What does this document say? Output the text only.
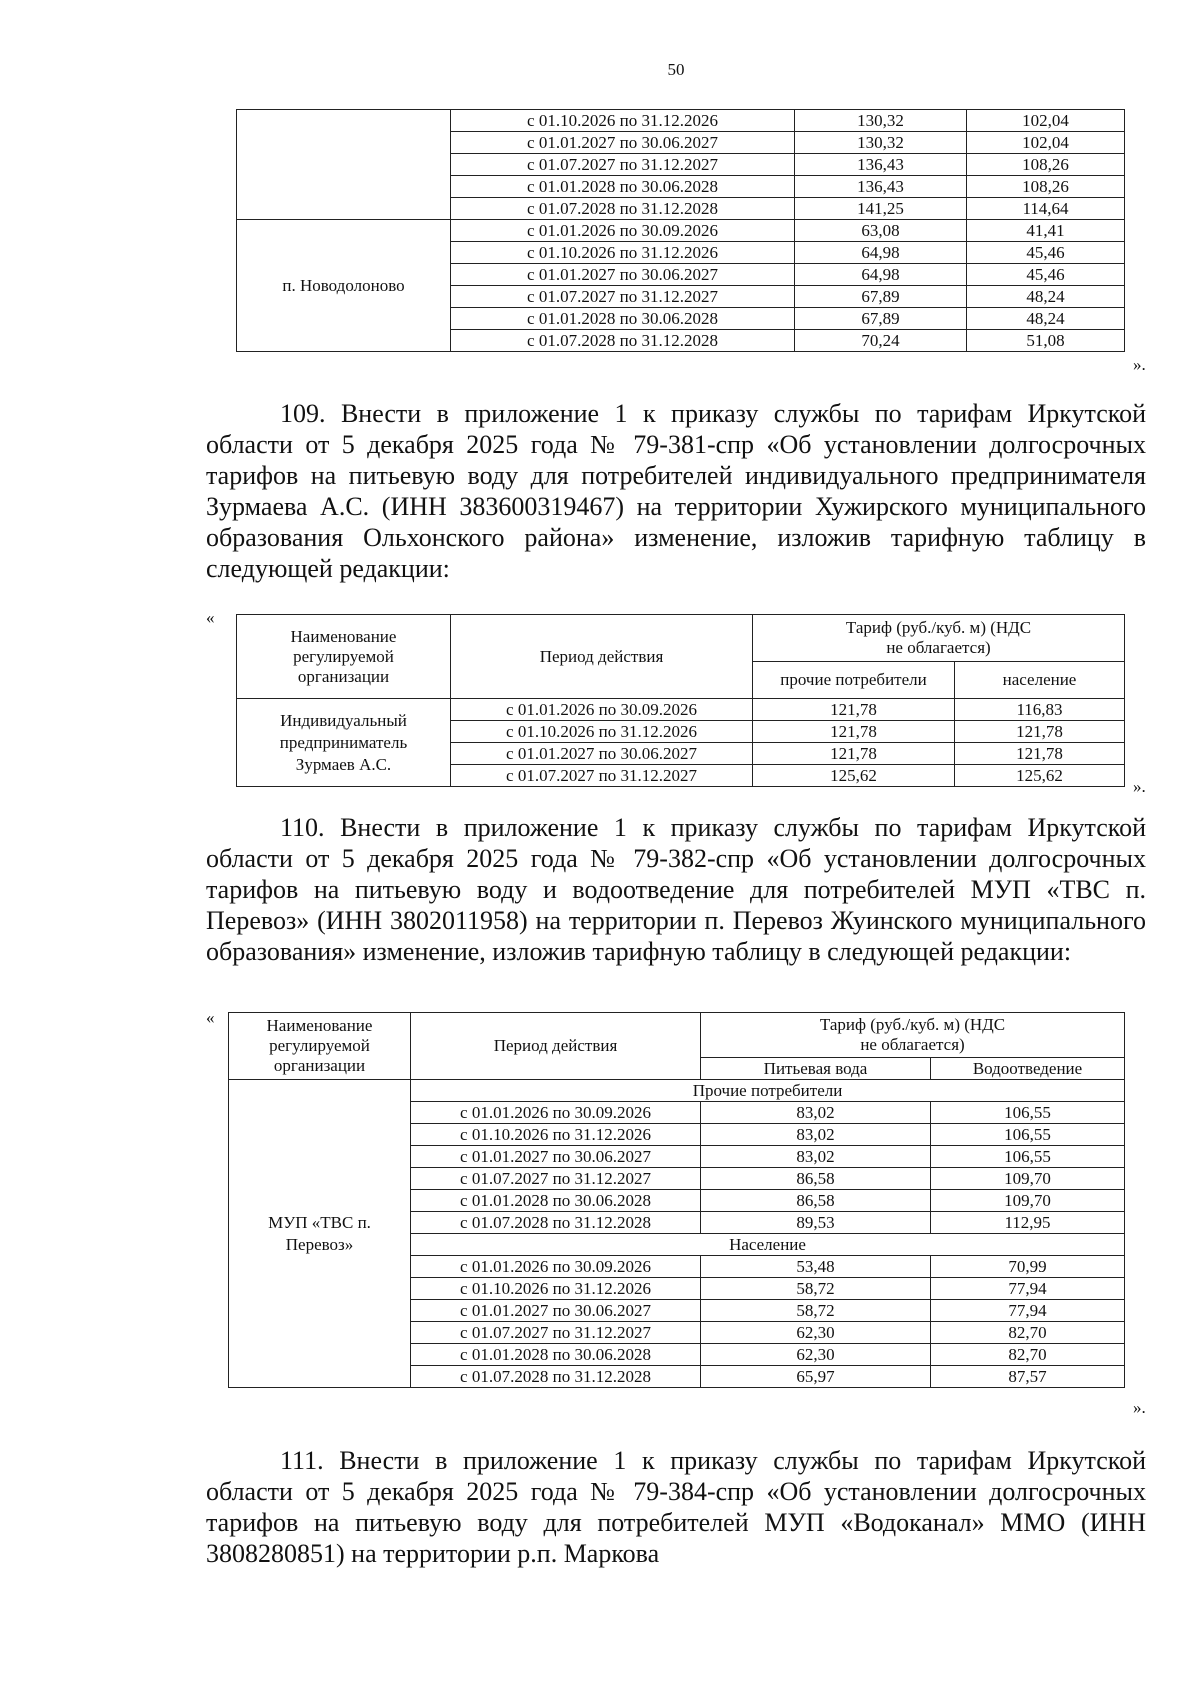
50
	с 01.10.2026 по 31.12.2026	130,32	102,04
	с 01.01.2027 по 30.06.2027	130,32	102,04
	с 01.07.2027 по 31.12.2027	136,43	108,26
	с 01.01.2028 по 30.06.2028	136,43	108,26
	с 01.07.2028 по 31.12.2028	141,25	114,64
п. Новодолоново	с 01.01.2026 по 30.09.2026	63,08	41,41
	с 01.10.2026 по 31.12.2026	64,98	45,46
	с 01.01.2027 по 30.06.2027	64,98	45,46
	с 01.07.2027 по 31.12.2027	67,89	48,24
	с 01.01.2028 по 30.06.2028	67,89	48,24
	с 01.07.2028 по 31.12.2028	70,24	51,08
».
109. Внести в приложение 1 к приказу службы по тарифам Иркутской области от 5 декабря 2025 года № 79-381-спр «Об установлении долгосрочных тарифов на питьевую воду для потребителей индивидуального предпринимателя Зурмаева А.С. (ИНН 383600319467) на территории Хужирского муниципального образования Ольхонского района» изменение, изложив тарифную таблицу в следующей редакции:
«
Наименование регулируемой организации	Период действия	Тариф (руб./куб. м) (НДС не облагается)	
		прочие потребители	население
Индивидуальный предприниматель Зурмаев А.С.	с 01.01.2026 по 30.09.2026	121,78	116,83
	с 01.10.2026 по 31.12.2026	121,78	121,78
	с 01.01.2027 по 30.06.2027	121,78	121,78
	с 01.07.2027 по 31.12.2027	125,62	125,62
».
110. Внести в приложение 1 к приказу службы по тарифам Иркутской области от 5 декабря 2025 года № 79-382-спр «Об установлении долгосрочных тарифов на питьевую воду и водоотведение для потребителей МУП «ТВС п. Перевоз» (ИНН 3802011958) на территории п. Перевоз Жуинского муниципального образования» изменение, изложив тарифную таблицу в следующей редакции:
«	Наименование регулируемой организации	Период действия	Тариф (руб./куб. м) (НДС не облагается)	
		Питьевая вода	Водоотведение
МУП «ТВС п. Перевоз»	Прочие потребители		
	с 01.01.2026 по 30.09.2026	83,02	106,55
	с 01.10.2026 по 31.12.2026	83,02	106,55
	с 01.01.2027 по 30.06.2027	83,02	106,55
	с 01.07.2027 по 31.12.2027	86,58	109,70
	с 01.01.2028 по 30.06.2028	86,58	109,70
	с 01.07.2028 по 31.12.2028	89,53	112,95
	Население		
	с 01.01.2026 по 30.09.2026	53,48	70,99
	с 01.10.2026 по 31.12.2026	58,72	77,94
	с 01.01.2027 по 30.06.2027	58,72	77,94
	с 01.07.2027 по 31.12.2027	62,30	82,70
	с 01.01.2028 по 30.06.2028	62,30	82,70
	с 01.07.2028 по 31.12.2028	65,97	87,57
».
111. Внести в приложение 1 к приказу службы по тарифам Иркутской области от 5 декабря 2025 года № 79-384-спр «Об установлении долгосрочных тарифов на питьевую воду для потребителей МУП «Водоканал» ММО (ИНН 3808280851) на территории р.п. Маркова
